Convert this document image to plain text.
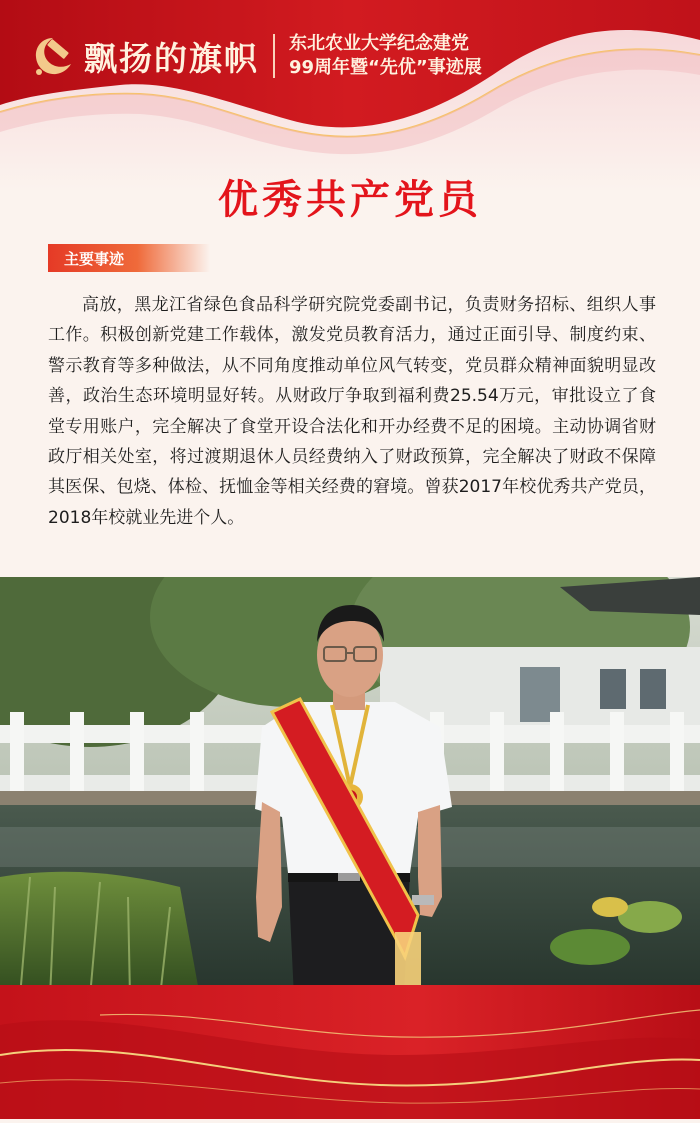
飘扬的旗帜 东北农业大学纪念建党
99周年暨“先优”事迹展
优秀共产党员
主要事迹
高放，黑龙江省绿色食品科学研究院党委副书记，负责财务招标、组织人事工作。积极创新党建工作载体，激发党员教育活力，通过正面引导、制度约束、警示教育等多种做法，从不同角度推动单位风气转变，党员群众精神面貌明显改善，政治生态环境明显好转。从财政厅争取到福利费25.54万元，审批设立了食堂专用账户，完全解决了食堂开设合法化和开办经费不足的困境。主动协调省财政厅相关处室，将过渡期退休人员经费纳入了财政预算，完全解决了财政不保障其医保、包烧、体检、抚恤金等相关经费的窘境。曾获2017年校优秀共产党员，2018年校就业先进个人。
